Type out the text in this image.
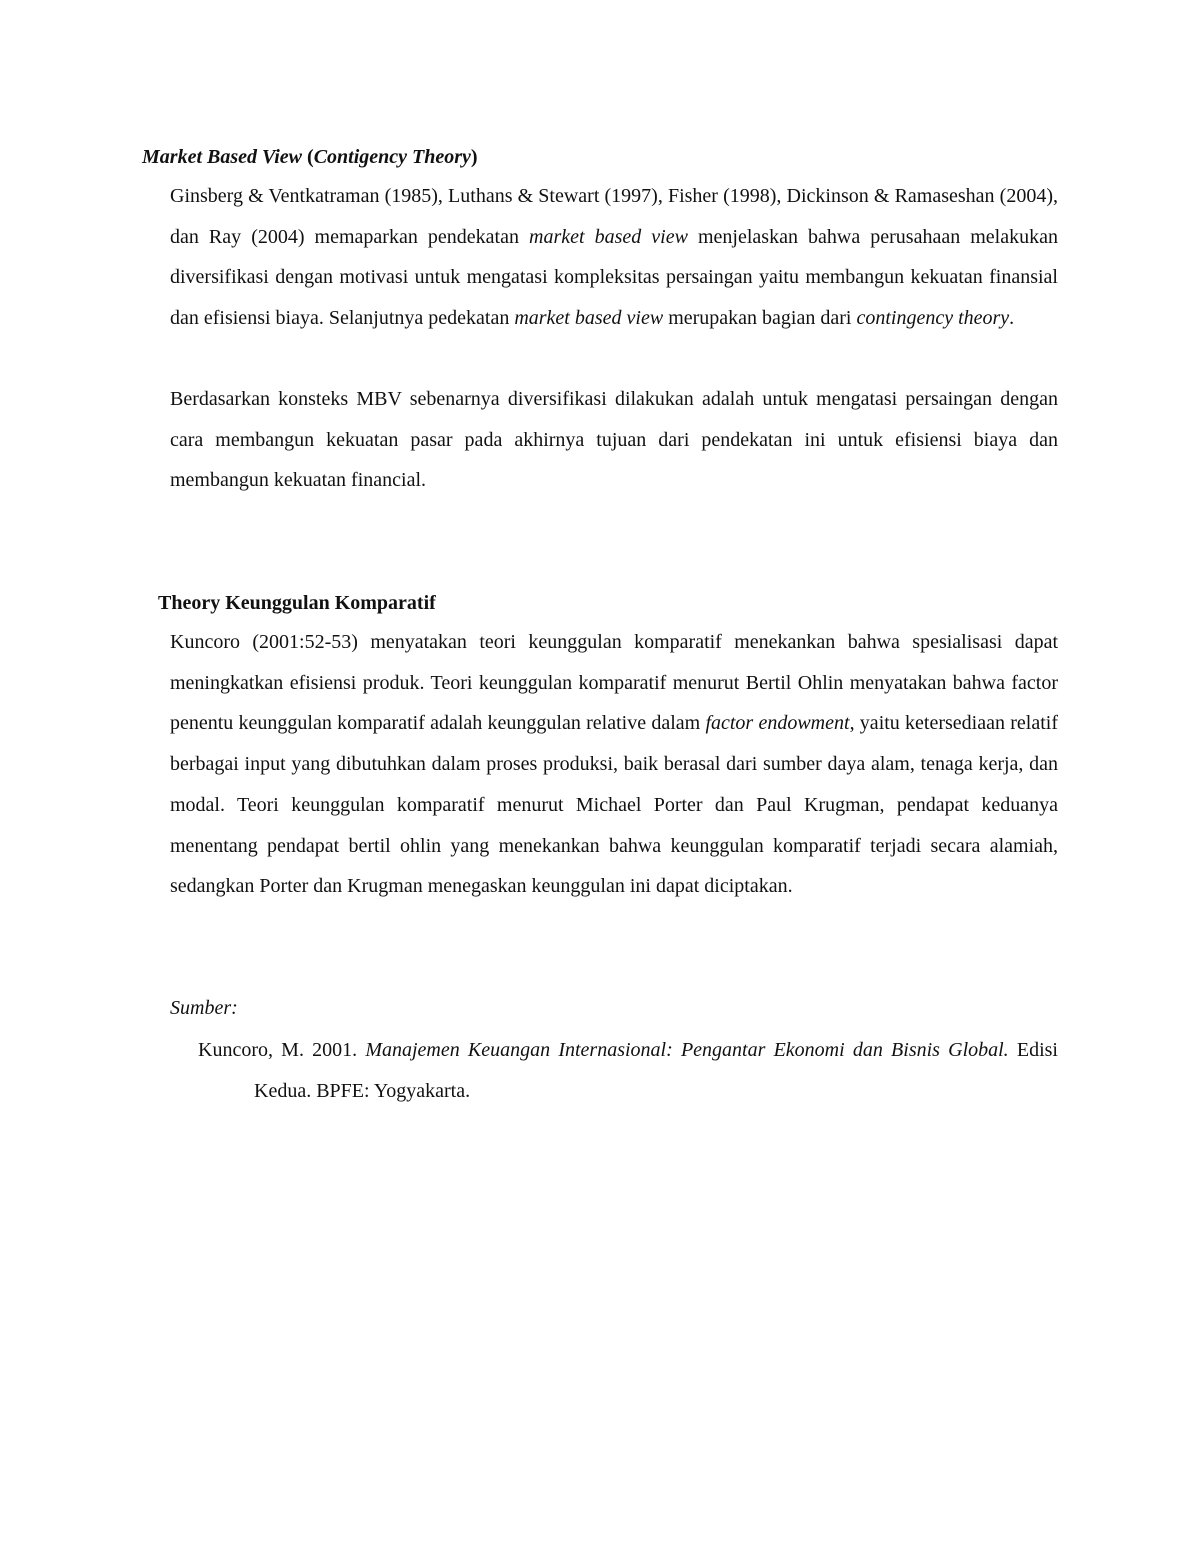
Market Based View (Contigency Theory)

Ginsberg & Ventkatraman (1985), Luthans & Stewart (1997), Fisher (1998), Dickinson & Ramaseshan (2004), dan Ray (2004) memaparkan pendekatan market based view menjelaskan bahwa perusahaan melakukan diversifikasi dengan motivasi untuk mengatasi kompleksitas persaingan yaitu membangun kekuatan finansial dan efisiensi biaya. Selanjutnya pedekatan market based view merupakan bagian dari contingency theory.

Berdasarkan konsteks MBV sebenarnya diversifikasi dilakukan adalah untuk mengatasi persaingan dengan cara membangun kekuatan pasar pada akhirnya tujuan dari pendekatan ini untuk efisiensi biaya dan membangun kekuatan financial.

Theory Keunggulan Komparatif

Kuncoro (2001:52-53) menyatakan teori keunggulan komparatif menekankan bahwa spesialisasi dapat meningkatkan efisiensi produk. Teori keunggulan komparatif menurut Bertil Ohlin menyatakan bahwa factor penentu keunggulan komparatif adalah keunggulan relative dalam factor endowment, yaitu ketersediaan relatif berbagai input yang dibutuhkan dalam proses produksi, baik berasal dari sumber daya alam, tenaga kerja, dan modal. Teori keunggulan komparatif menurut Michael Porter dan Paul Krugman, pendapat keduanya menentang pendapat bertil ohlin yang menekankan bahwa keunggulan komparatif terjadi secara alamiah, sedangkan Porter dan Krugman menegaskan keunggulan ini dapat diciptakan.

Sumber:

Kuncoro, M. 2001. Manajemen Keuangan Internasional: Pengantar Ekonomi dan Bisnis Global. Edisi Kedua. BPFE: Yogyakarta.
